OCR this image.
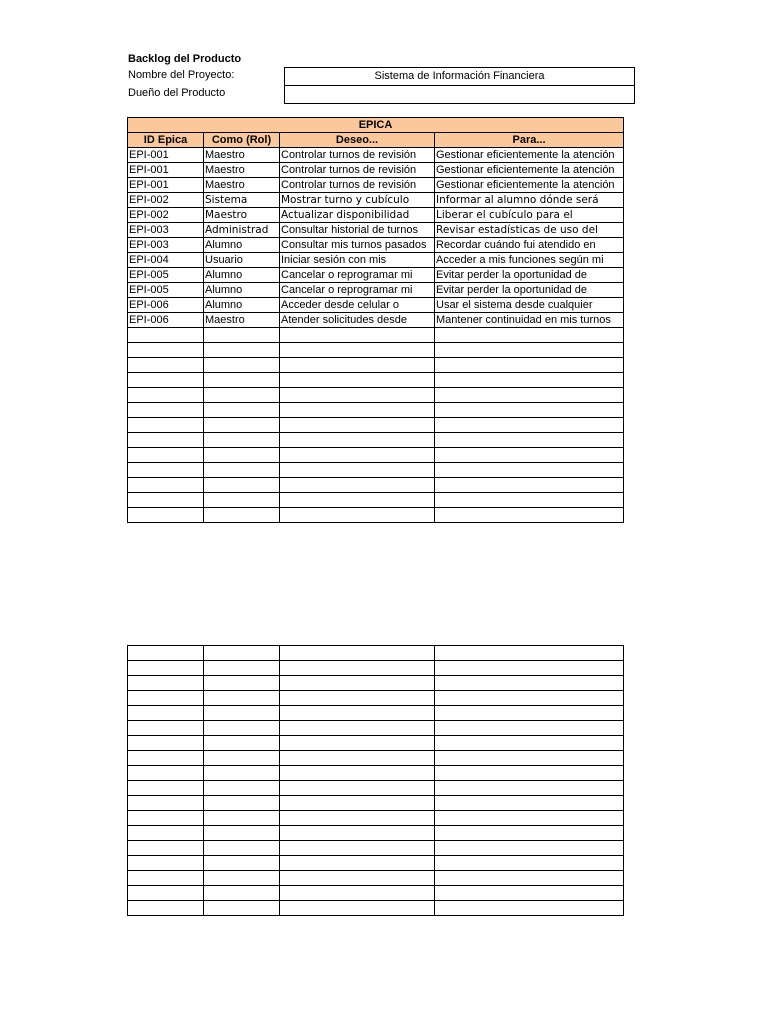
Backlog del Producto
Nombre del Proyecto:	Sistema de Información Financiera
Dueño del Producto
EPICA			
ID Epica	Como (Rol)	Deseo...	Para...
EPI-001	Maestro	Controlar turnos de revisión	Gestionar eficientemente la atención
EPI-001	Maestro	Controlar turnos de revisión	Gestionar eficientemente la atención
EPI-001	Maestro	Controlar turnos de revisión	Gestionar eficientemente la atención
EPI-002	Sistema	Mostrar turno y cubículo	Informar al alumno dónde será
EPI-002	Maestro	Actualizar disponibilidad	Liberar el cubículo para el
EPI-003	Administrad	Consultar historial de turnos	Revisar estadísticas de uso del
EPI-003	Alumno	Consultar mis turnos pasados	Recordar cuándo fui atendido en
EPI-004	Usuario	Iniciar sesión con mis	Acceder a mis funciones según mi
EPI-005	Alumno	Cancelar o reprogramar mi	Evitar perder la oportunidad de
EPI-005	Alumno	Cancelar o reprogramar mi	Evitar perder la oportunidad de
EPI-006	Alumno	Acceder desde celular o	Usar el sistema desde cualquier
EPI-006	Maestro	Atender solicitudes desde	Mantener continuidad en mis turnos
